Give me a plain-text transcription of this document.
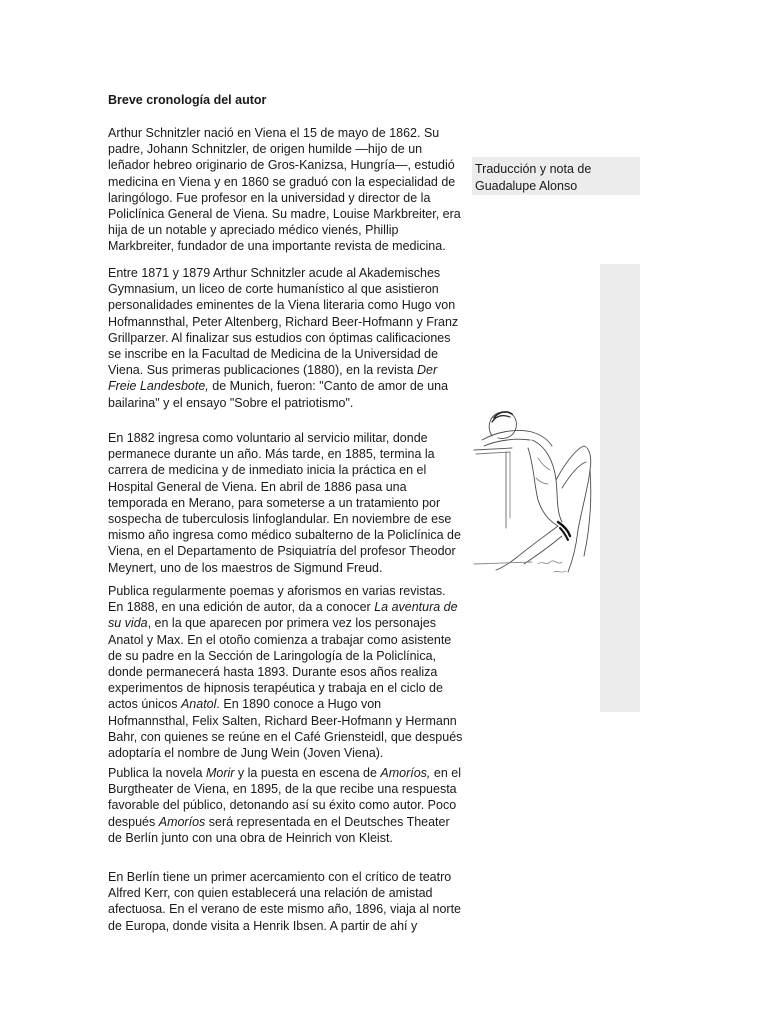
Breve cronología del autor

Arthur Schnitzler nació en Viena el 15 de mayo de 1862. Su padre, Johann Schnitzler, de origen humilde —hijo de un leñador hebreo originario de Gros-Kanizsa, Hungría—, estudió medicina en Viena y en 1860 se graduó con la especialidad de laringólogo. Fue profesor en la universidad y director de la Policlínica General de Viena. Su madre, Louise Markbreiter, era hija de un notable y apreciado médico vienés, Phillip Markbreiter, fundador de una importante revista de medicina.

Entre 1871 y 1879 Arthur Schnitzler acude al Akademisches Gymnasium, un liceo de corte humanístico al que asistieron personalidades eminentes de la Viena literaria como Hugo von Hofmannsthal, Peter Altenberg, Richard Beer-Hofmann y Franz Grillparzer. Al finalizar sus estudios con óptimas calificaciones se inscribe en la Facultad de Medicina de la Universidad de Viena. Sus primeras publicaciones (1880), en la revista Der Freie Landesbote, de Munich, fueron: "Canto de amor de una bailarina" y el ensayo "Sobre el patriotismo".

En 1882 ingresa como voluntario al servicio militar, donde permanece durante un año. Más tarde, en 1885, termina la carrera de medicina y de inmediato inicia la práctica en el Hospital General de Viena. En abril de 1886 pasa una temporada en Merano, para someterse a un tratamiento por sospecha de tuberculosis linfoglandular. En noviembre de ese mismo año ingresa como médico subalterno de la Policlínica de Viena, en el Departamento de Psiquiatría del profesor Theodor Meynert, uno de los maestros de Sigmund Freud.

Publica regularmente poemas y aforismos en varias revistas. En 1888, en una edición de autor, da a conocer La aventura de su vida, en la que aparecen por primera vez los personajes Anatol y Max. En el otoño comienza a trabajar como asistente de su padre en la Sección de Laringología de la Policlínica, donde permanecerá hasta 1893. Durante esos años realiza experimentos de hipnosis terapéutica y trabaja en el ciclo de actos únicos Anatol. En 1890 conoce a Hugo von Hofmannsthal, Felix Salten, Richard Beer-Hofmann y Hermann Bahr, con quienes se reúne en el Café Griensteidl, que después adoptaría el nombre de Jung Wein (Joven Viena).

Publica la novela Morir y la puesta en escena de Amoríos, en el Burgtheater de Viena, en 1895, de la que recibe una respuesta favorable del público, detonando así su éxito como autor. Poco después Amoríos será representada en el Deutsches Theater de Berlín junto con una obra de Heinrich von Kleist.

En Berlín tiene un primer acercamiento con el crítico de teatro Alfred Kerr, con quien establecerá una relación de amistad afectuosa. En el verano de este mismo año, 1896, viaja al norte de Europa, donde visita a Henrik Ibsen. A partir de ahí y

Traducción y nota de
Guadalupe Alonso
